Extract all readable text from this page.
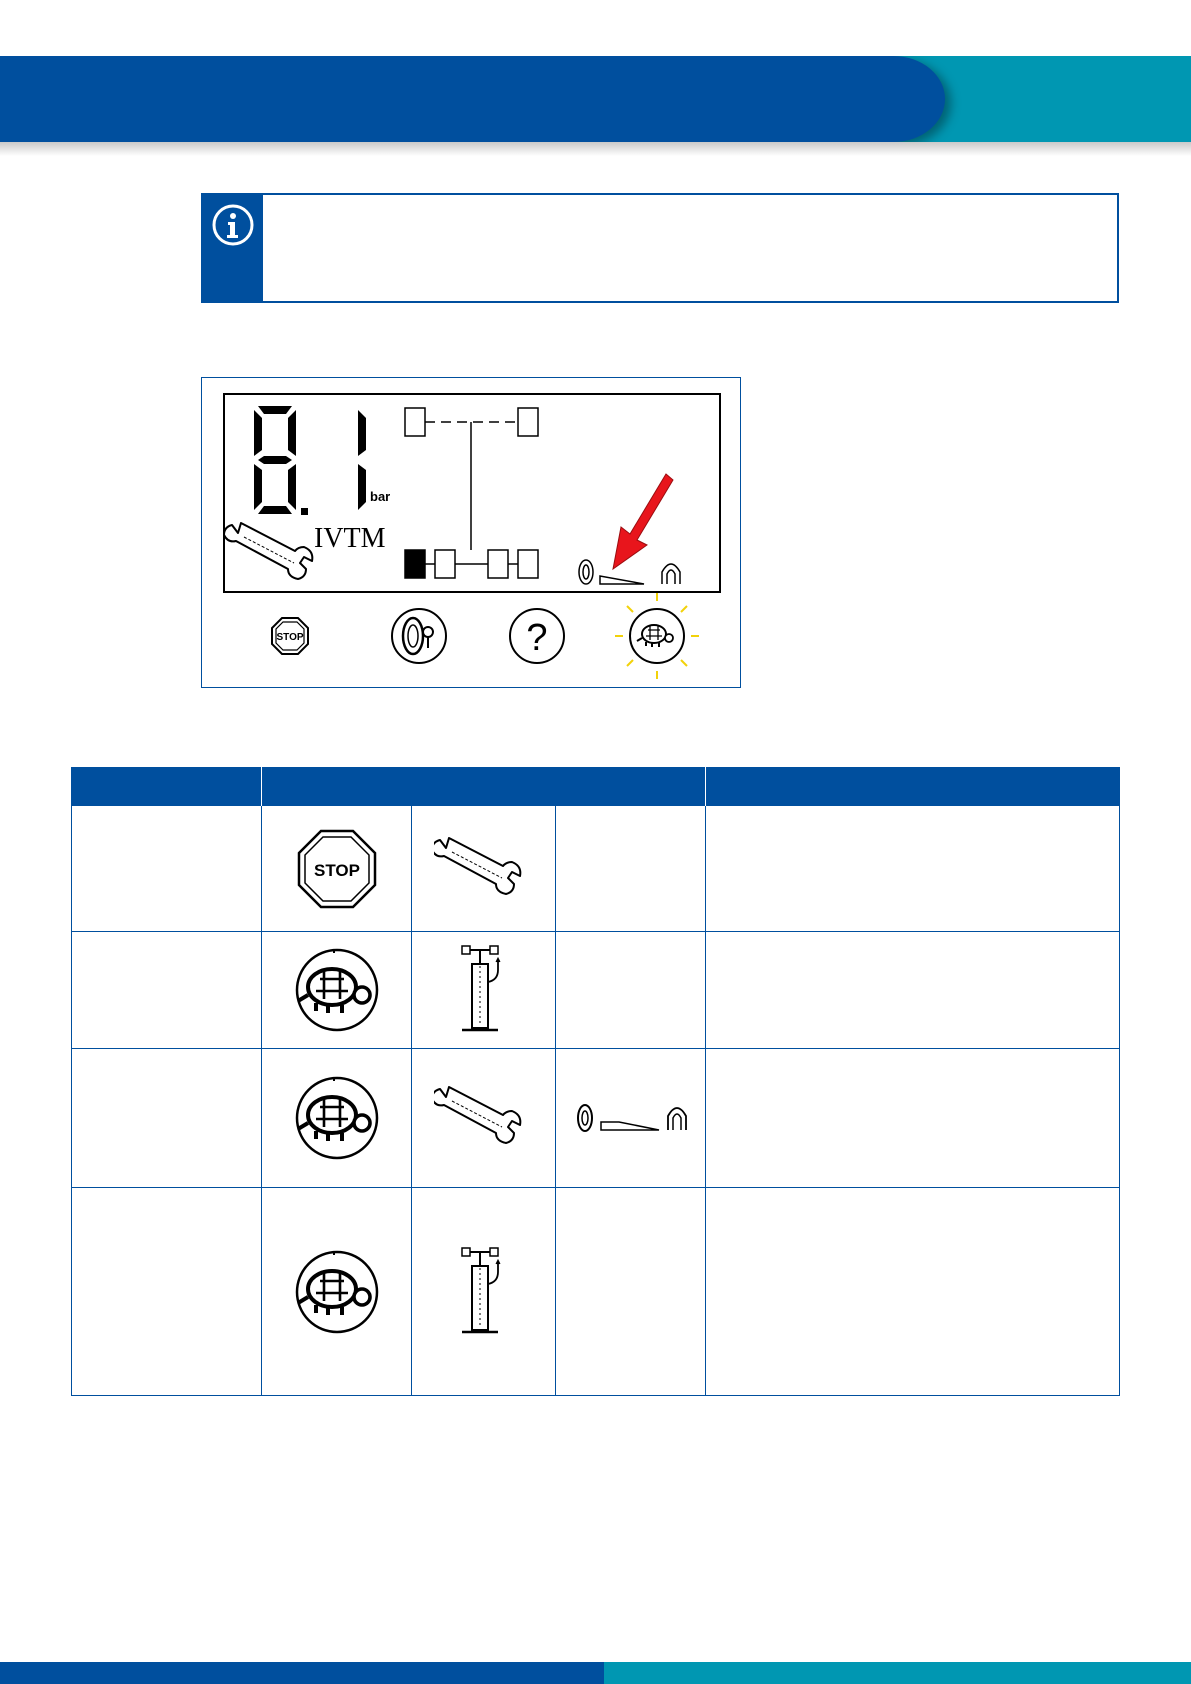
bar
IVTM
STOP	?

STOP
